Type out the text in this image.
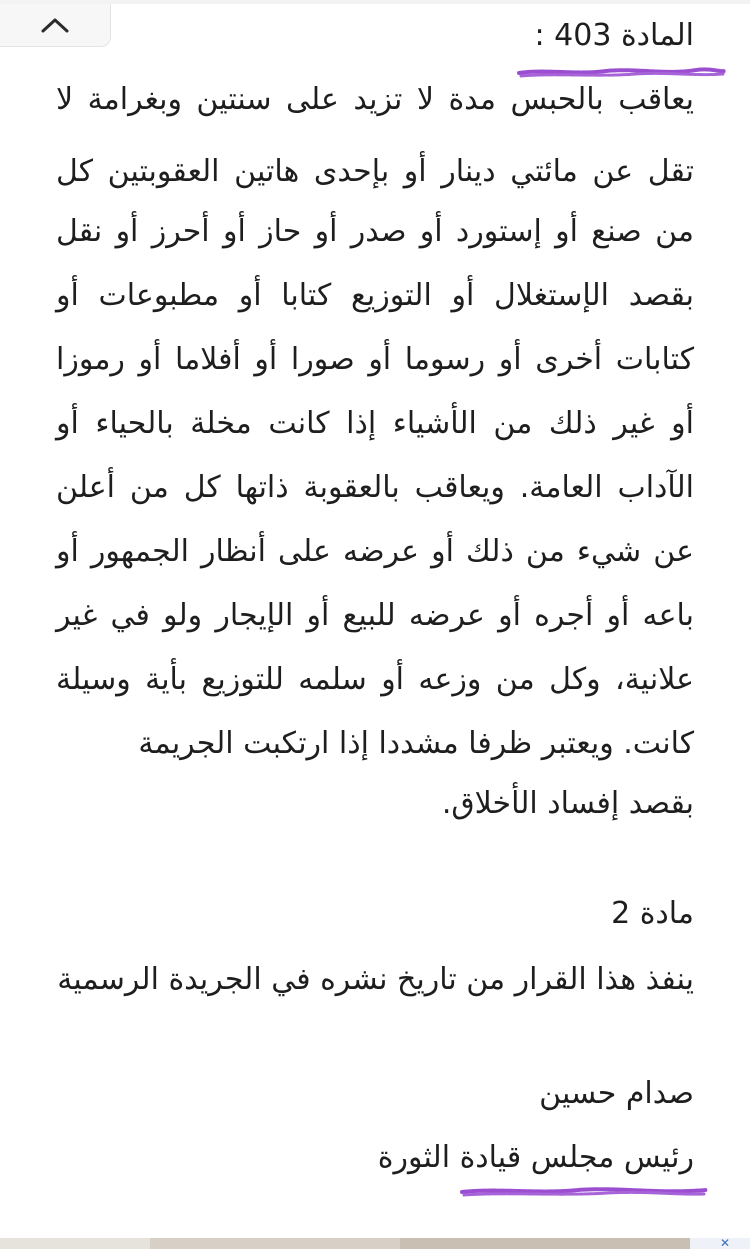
المادة 403 :
يعاقب بالحبس مدة لا تزيد على سنتين وبغرامة لا
تقل عن مائتي دينار أو بإحدى هاتين العقوبتين كل
من صنع أو إستورد أو صدر أو حاز أو أحرز أو نقل
بقصد الإستغلال أو التوزيع كتابا أو مطبوعات أو
كتابات أخرى أو رسوما أو صورا أو أفلاما أو رموزا
أو غير ذلك من الأشياء إذا كانت مخلة بالحياء أو
الآداب العامة. ويعاقب بالعقوبة ذاتها كل من أعلن
عن شيء من ذلك أو عرضه على أنظار الجمهور أو
باعه أو أجره أو عرضه للبيع أو الإيجار ولو في غير
علانية، وكل من وزعه أو سلمه للتوزيع بأية وسيلة
كانت. ويعتبر ظرفا مشددا إذا ارتكبت الجريمة
بقصد إفساد الأخلاق.
مادة 2
ينفذ هذا القرار من تاريخ نشره في الجريدة الرسمية
صدام حسين
رئيس مجلس قيادة الثورة
✕
